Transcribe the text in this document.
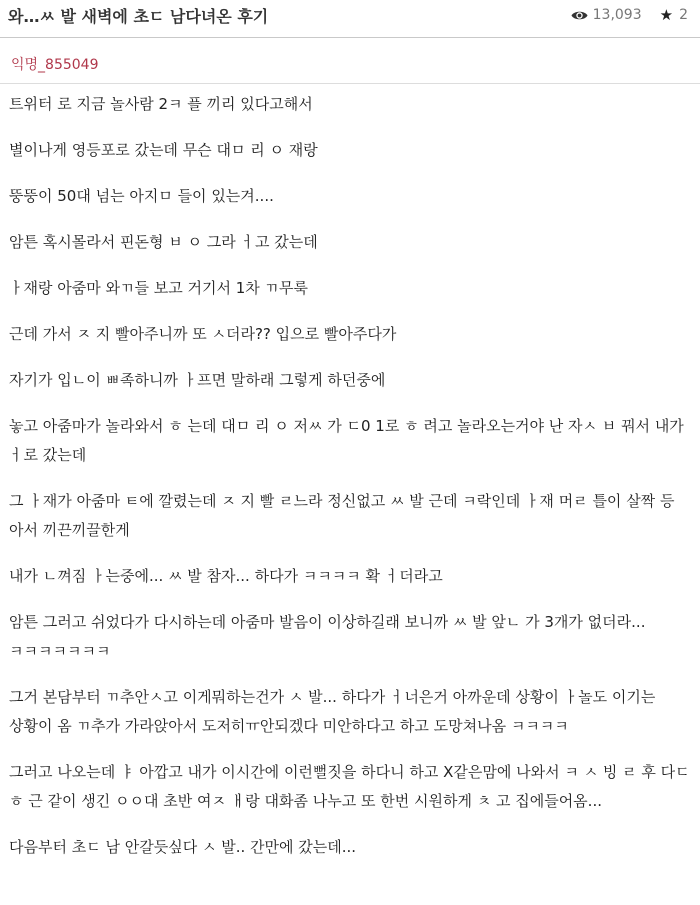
와…ㅆ 발 새벽에 초ㄷ 남다녀온 후기	13,093 ★ 2
익명_855049

트위터 로 지금 놀사람 2ㅋ 플 끼리 있다고해서

별이나게 영등포로 갔는데 무슨 대ㅁ 리 ㅇ 재랑

뚱뚱이 50대 넘는 아지ㅁ 들이 있는겨....

암튼 혹시몰라서 핀돈형 ㅂ ㅇ 그라 ㅓ고 갔는데

ㅏ재랑 아줌마 와ㄲ들 보고 거기서 1차 ㄲ무룩

근데 가서 ㅈ 지 빨아주니까 또 ㅅ더라?? 입으로 빨아주다가

자기가 입ㄴ이 ㅃ족하니까 ㅏ프면 말하래 그렇게 하던중에

놓고 아줌마가 놀라와서 ㅎ 는데 대ㅁ 리 ㅇ 저ㅆ 가 ㄷ0 1로 ㅎ 려고 놀라오는거야 난 자ㅅ ㅂ 꿔서 내가 ㅓ로 갔는데

그 ㅏ재가 아줌마 ㅌ에 깔렸는데 ㅈ 지 빨 ㄹ느라 정신없고 ㅆ 발 근데 ㅋ락인데 ㅏ재 머ㄹ 틀이 살짝 등 아서 끼끈끼끌한게

내가 ㄴ껴짐 ㅏ는중에... ㅆ 발 참자... 하다가 ㅋㅋㅋㅋ 확 ㅓ더라고

암튼 그러고 쉬었다가 다시하는데 아줌마 발음이 이상하길래 보니까 ㅆ 발 앞ㄴ 가 3개가 없더라...ㅋㅋㅋㅋㅋㅋㅋ

그거 본담부터 ㄲ추안ㅅ고 이게뭐하는건가 ㅅ 발... 하다가 ㅓ너은거 아까운데 상황이 ㅏ놀도 이기는 상황이 옴 ㄲ추가 가라앉아서 도저히ㅠ안되겠다 미안하다고 하고 도망쳐나옴 ㅋㅋㅋㅋ

그러고 나오는데 ㅑ 아깝고 내가 이시간에 이런뻘짓을 하다니 하고 X같은맘에 나와서 ㅋ ㅅ 빙 ㄹ 후 다ㄷ ㅎ 근 같이 생긴 ㅇㅇ대 초반 여ㅈ ㅐ랑 대화좀 나누고 또 한번 시원하게 ㅊ 고 집에들어옴...

다음부터 초ㄷ 남 안갈듯싶다 ㅅ 발.. 간만에 갔는데...
